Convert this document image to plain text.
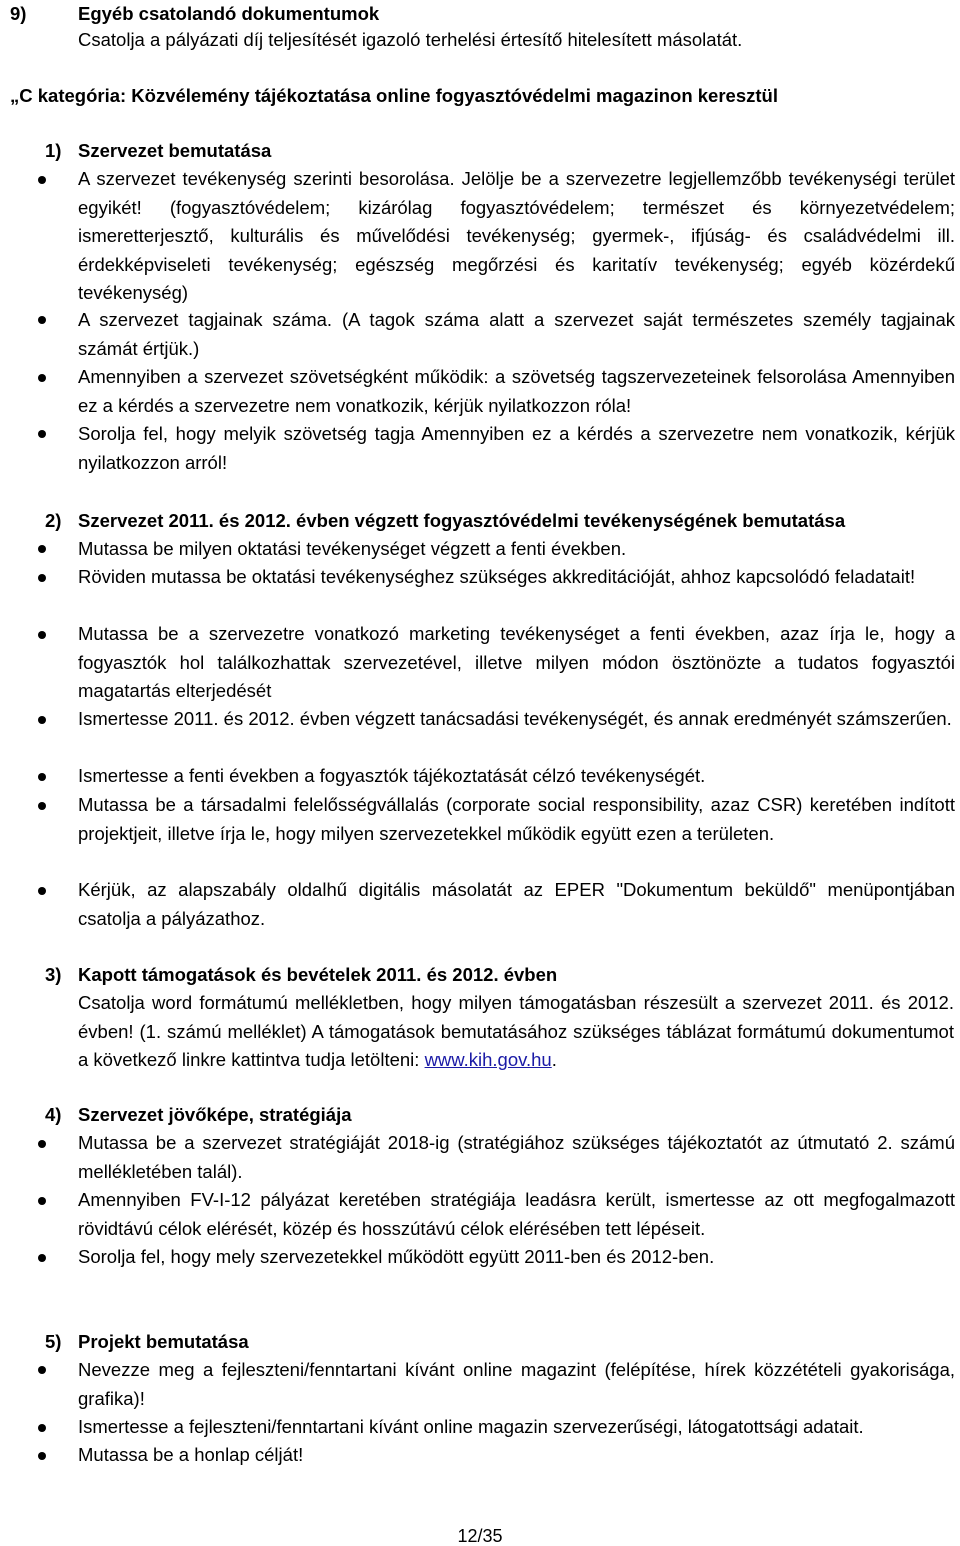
9)	Egyéb csatolandó dokumentumok
Csatolja a pályázati díj teljesítését igazoló terhelési értesítő hitelesített másolatát.
„C kategória: Közvélemény tájékoztatása online fogyasztóvédelmi magazinon keresztül
1) Szervezet bemutatása
A szervezet tevékenység szerinti besorolása. Jelölje be a szervezetre legjellemzőbb tevékenységi terület egyikét! (fogyasztóvédelem; kizárólag fogyasztóvédelem; természet és környezetvédelem; ismeretterjesztő, kulturális és művelődési tevékenység; gyermek-, ifjúság- és családvédelmi ill. érdekképviseleti tevékenység; egészség megőrzési és karitatív tevékenység; egyéb közérdekű tevékenység)
A szervezet tagjainak száma. (A tagok száma alatt a szervezet saját természetes személy tagjainak számát értjük.)
Amennyiben a szervezet szövetségként működik: a szövetség tagszervezeteinek felsorolása Amennyiben ez a kérdés a szervezetre nem vonatkozik, kérjük nyilatkozzon róla!
Sorolja fel, hogy melyik szövetség tagja Amennyiben ez a kérdés a szervezetre nem vonatkozik, kérjük nyilatkozzon arról!
2) Szervezet 2011. és 2012. évben végzett fogyasztóvédelmi tevékenységének bemutatása
Mutassa be milyen oktatási tevékenységet végzett a fenti években.
Röviden mutassa be oktatási tevékenységhez szükséges akkreditációját, ahhoz kapcsolódó feladatait!
Mutassa be a szervezetre vonatkozó marketing tevékenységet a fenti években, azaz írja le, hogy a fogyasztók hol találkozhattak szervezetével, illetve milyen módon ösztönözte a tudatos fogyasztói magatartás elterjedését
Ismertesse 2011. és 2012. évben végzett tanácsadási tevékenységét, és annak eredményét számszerűen.
Ismertesse a fenti években a fogyasztók tájékoztatását célzó tevékenységét.
Mutassa be a társadalmi felelősségvállalás (corporate social responsibility, azaz CSR) keretében indított projektjeit, illetve írja le, hogy milyen szervezetekkel működik együtt ezen a területen.
Kérjük, az alapszabály oldalhű digitális másolatát az EPER "Dokumentum beküldő" menüpontjában csatolja a pályázathoz.
3) Kapott támogatások és bevételek 2011. és 2012. évben
Csatolja word formátumú mellékletben, hogy milyen támogatásban részesült a szervezet 2011. és 2012. évben! (1. számú melléklet) A támogatások bemutatásához szükséges táblázat formátumú dokumentumot a következő linkre kattintva tudja letölteni: www.kih.gov.hu.
4) Szervezet jövőképe, stratégiája
Mutassa be a szervezet stratégiáját 2018-ig (stratégiához szükséges tájékoztatót az útmutató 2. számú mellékletében talál).
Amennyiben FV-I-12 pályázat keretében stratégiája leadásra került, ismertesse az ott megfogalmazott rövidtávú célok elérését, közép és hosszútávú célok elérésében tett lépéseit.
Sorolja fel, hogy mely szervezetekkel működött együtt 2011-ben és 2012-ben.
5) Projekt bemutatása
Nevezze meg a fejleszteni/fenntartani kívánt online magazint (felépítése, hírek közzétételi gyakorisága, grafika)!
Ismertesse a fejleszteni/fenntartani kívánt online magazin szervezerűségi, látogatottsági adatait.
Mutassa be a honlap célját!
12/35
